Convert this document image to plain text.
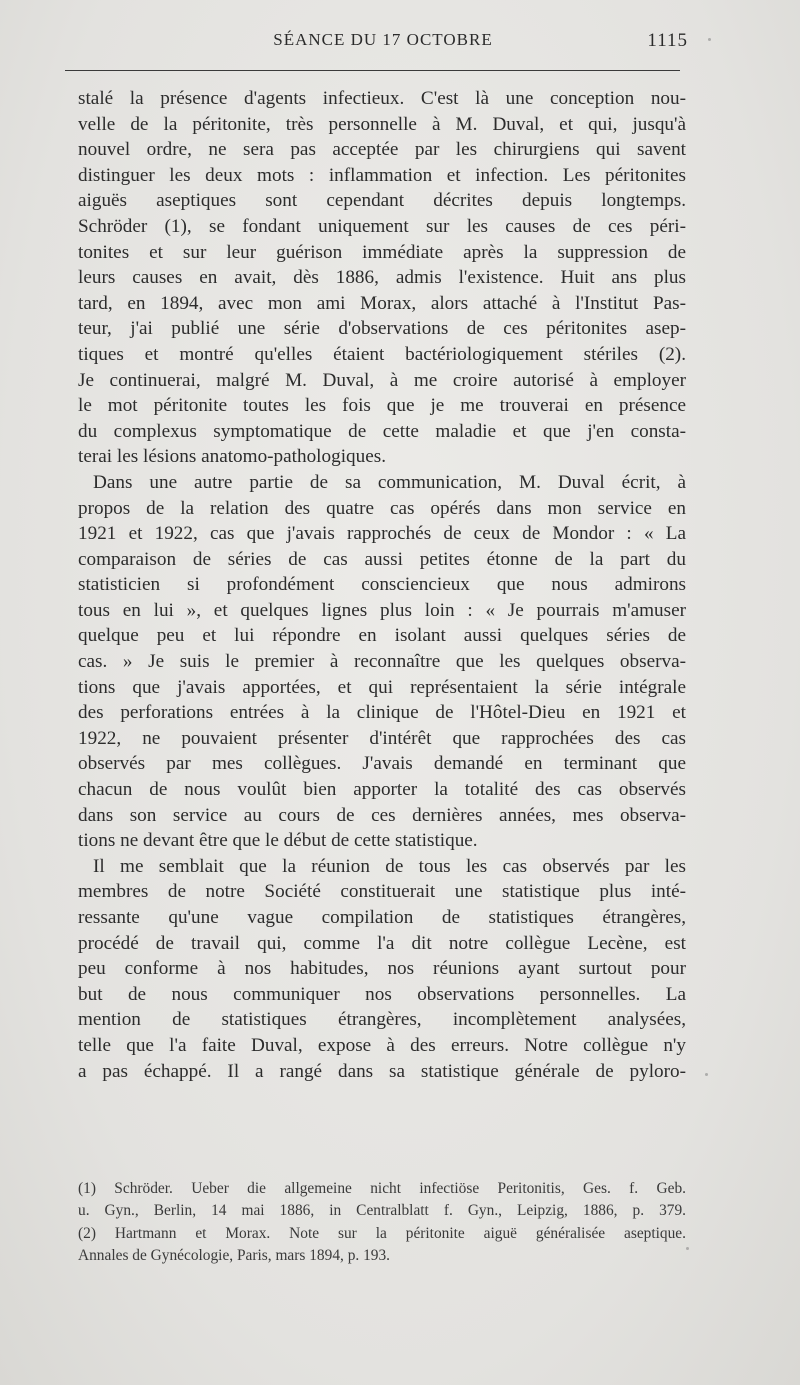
SÉANCE DU 17 OCTOBRE	1115
stalé la présence d'agents infectieux. C'est là une conception nou-
velle de la péritonite, très personnelle à M. Duval, et qui, jusqu'à
nouvel ordre, ne sera pas acceptée par les chirurgiens qui savent
distinguer les deux mots : inflammation et infection. Les péritonites
aiguës aseptiques sont cependant décrites depuis longtemps.
Schröder (1), se fondant uniquement sur les causes de ces péri-
tonites et sur leur guérison immédiate après la suppression de
leurs causes en avait, dès 1886, admis l'existence. Huit ans plus
tard, en 1894, avec mon ami Morax, alors attaché à l'Institut Pas-
teur, j'ai publié une série d'observations de ces péritonites asep-
tiques et montré qu'elles étaient bactériologiquement stériles (2).
Je continuerai, malgré M. Duval, à me croire autorisé à employer
le mot péritonite toutes les fois que je me trouverai en présence
du complexus symptomatique de cette maladie et que j'en consta-
terai les lésions anatomo-pathologiques.
Dans une autre partie de sa communication, M. Duval écrit, à
propos de la relation des quatre cas opérés dans mon service en
1921 et 1922, cas que j'avais rapprochés de ceux de Mondor : « La
comparaison de séries de cas aussi petites étonne de la part du
statisticien si profondément consciencieux que nous admirons
tous en lui », et quelques lignes plus loin : « Je pourrais m'amuser
quelque peu et lui répondre en isolant aussi quelques séries de
cas. » Je suis le premier à reconnaître que les quelques observa-
tions que j'avais apportées, et qui représentaient la série intégrale
des perforations entrées à la clinique de l'Hôtel-Dieu en 1921 et
1922, ne pouvaient présenter d'intérêt que rapprochées des cas
observés par mes collègues. J'avais demandé en terminant que
chacun de nous voulût bien apporter la totalité des cas observés
dans son service au cours de ces dernières années, mes observa-
tions ne devant être que le début de cette statistique.
Il me semblait que la réunion de tous les cas observés par les
membres de notre Société constituerait une statistique plus inté-
ressante qu'une vague compilation de statistiques étrangères,
procédé de travail qui, comme l'a dit notre collègue Lecène, est
peu conforme à nos habitudes, nos réunions ayant surtout pour
but de nous communiquer nos observations personnelles. La
mention de statistiques étrangères, incomplètement analysées,
telle que l'a faite Duval, expose à des erreurs. Notre collègue n'y
a pas échappé. Il a rangé dans sa statistique générale de pyloro-
(1) Schröder. Ueber die allgemeine nicht infectiöse Peritonitis, Ges. f. Geb.
u. Gyn., Berlin, 14 mai 1886, in Centralblatt f. Gyn., Leipzig, 1886, p. 379.
(2) Hartmann et Morax. Note sur la péritonite aiguë généralisée aseptique.
Annales de Gynécologie, Paris, mars 1894, p. 193.
